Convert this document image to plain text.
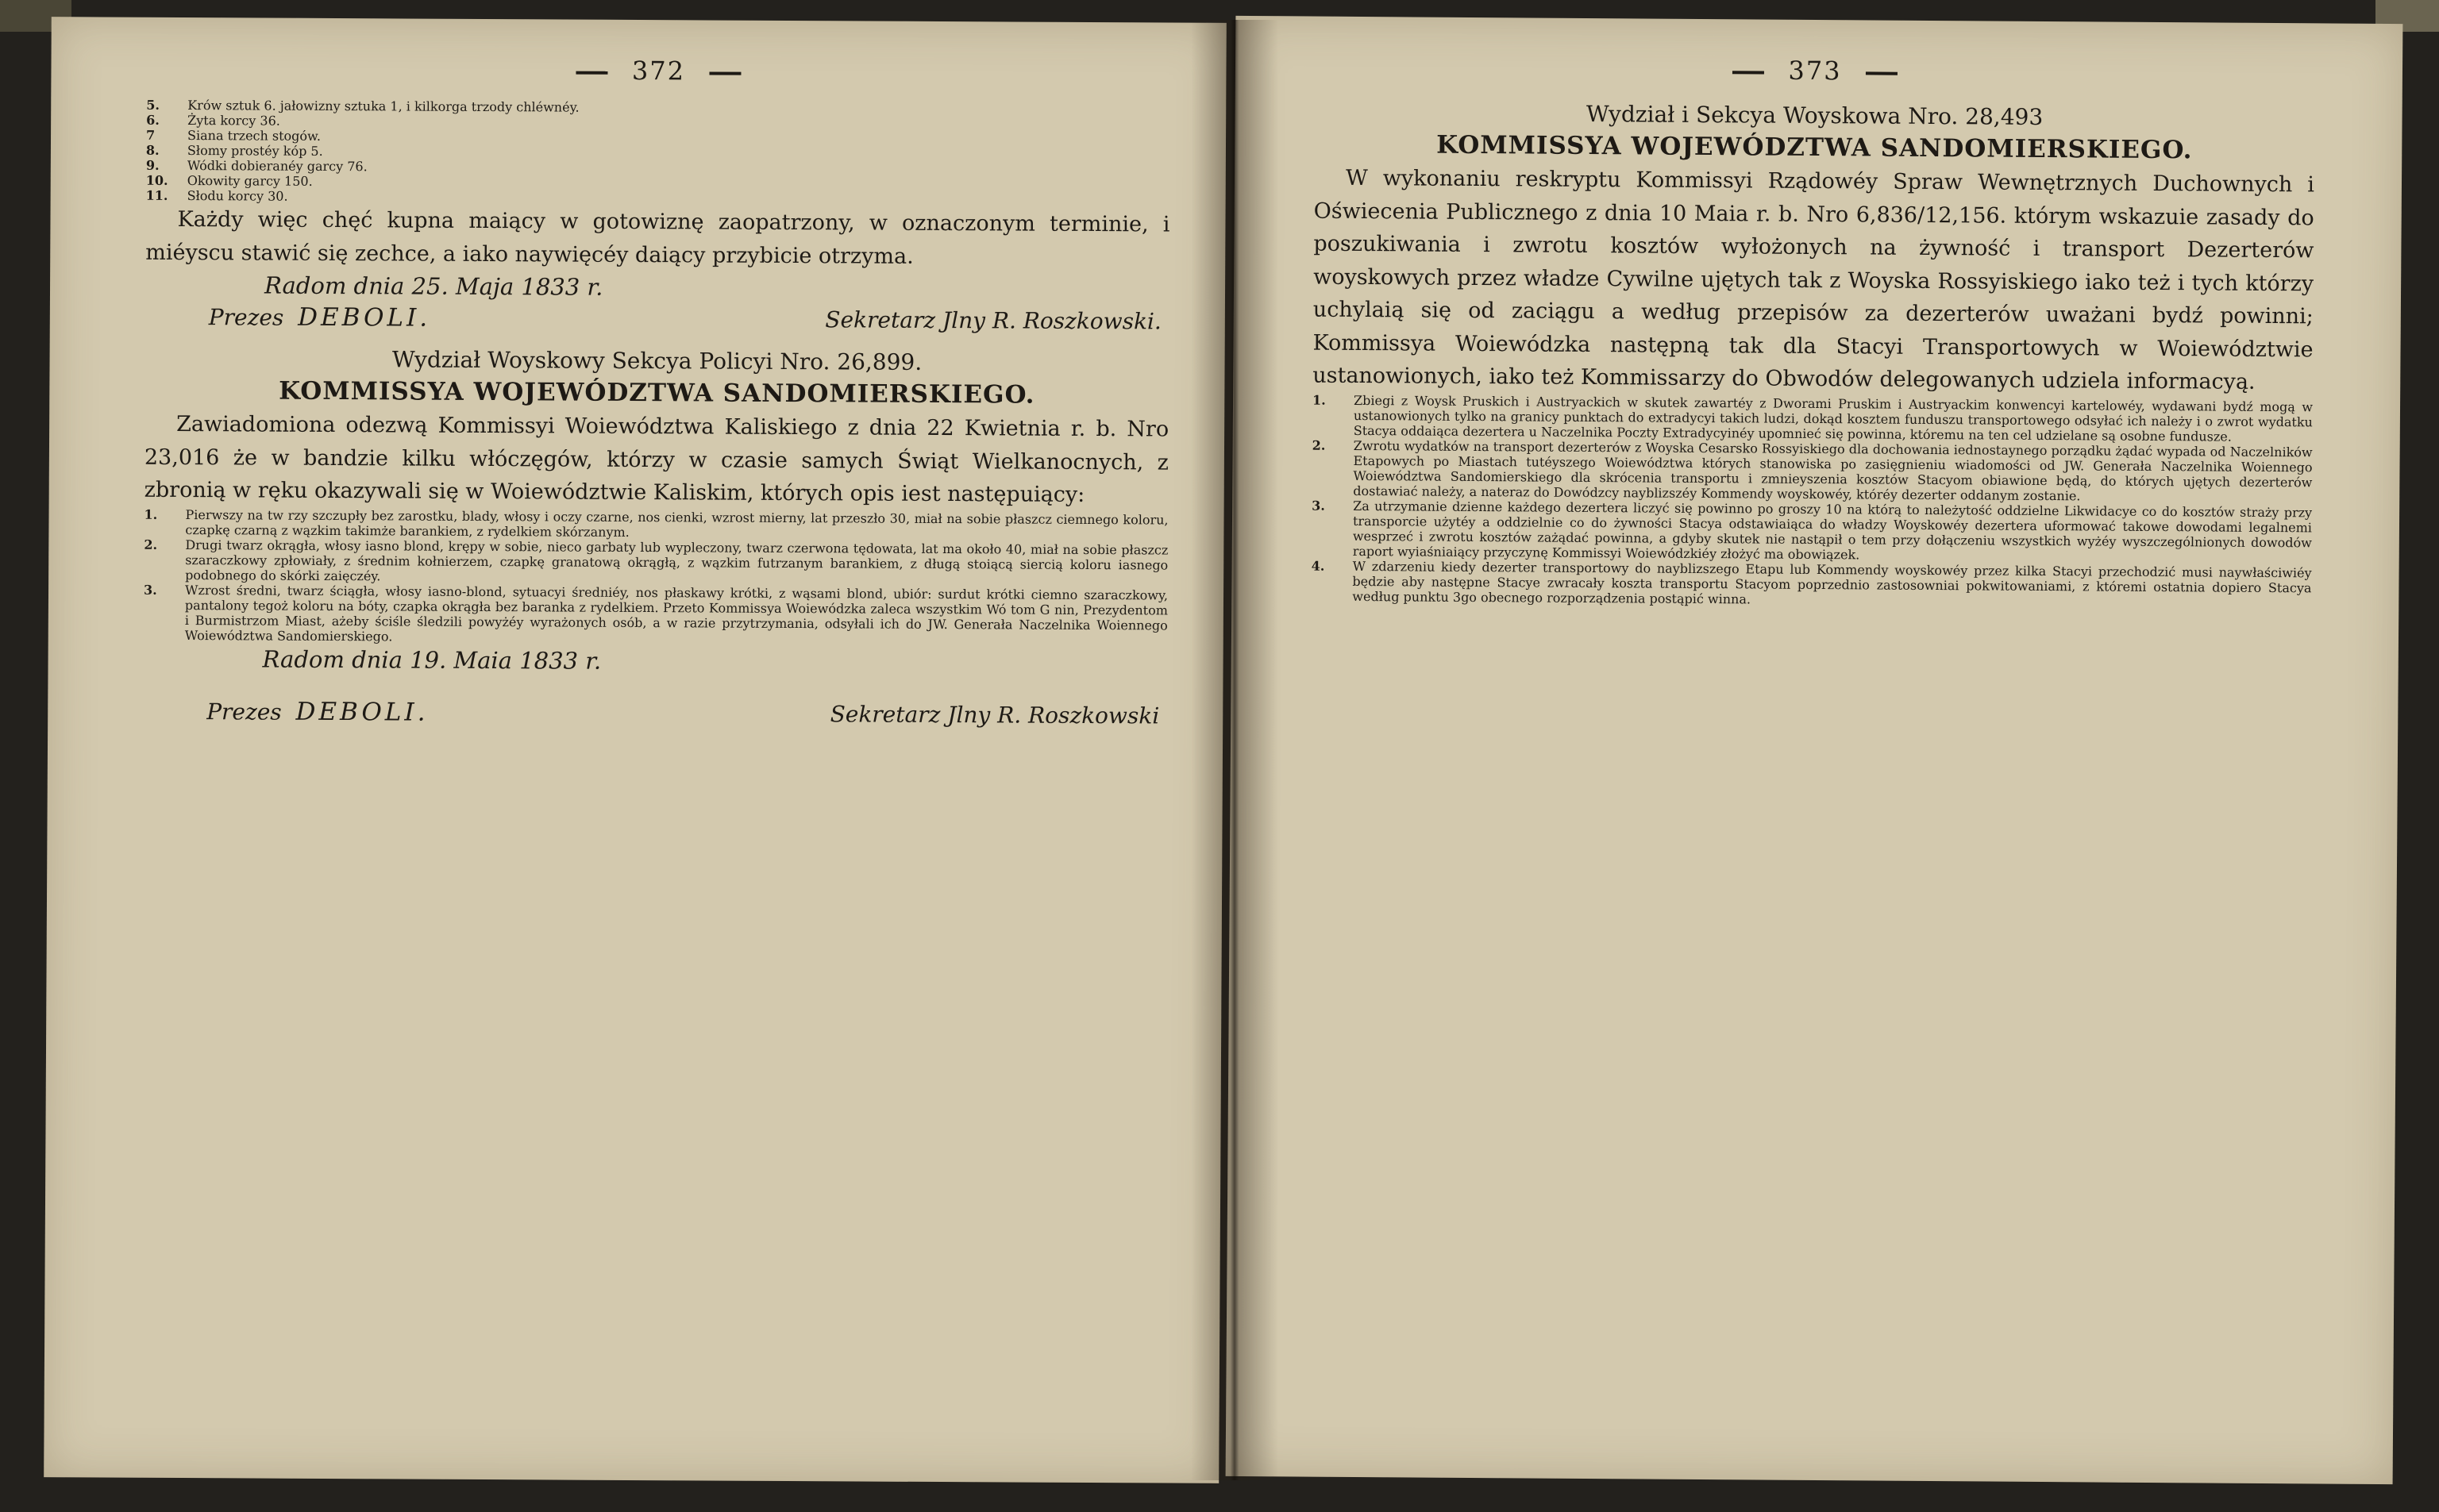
372
5.	Krów sztuk 6. jałowizny sztuka 1, i kilkorga trzody chléwnéy.
6.	Żyta korcy 36.
7	Siana trzech stogów.
8.	Słomy prostéy kóp 5.
9.	Wódki dobieranéy garcy 76.
10.	Okowity garcy 150.
11.	Słodu korcy 30.

Każdy więc chęć kupna maiący w gotowiznę zaopatrzony, w oznaczonym terminie, i miéyscu stawić się zechce, a iako naywięcéy daiący przybicie otrzyma.

Radom dnia 25. Maja 1833 r.
Prezes DEBOLI.	Sekretarz Jlny R. Roszkowski.
Wydział Woyskowy Sekcya Policyi Nro. 26,899.
KOMMISSYA WOJEWÓDZTWA SANDOMIERSKIEGO.

Zawiadomiona odezwą Kommissyi Woiewództwa Kaliskiego z dnia 22 Kwietnia r. b. Nro 23,016 że w bandzie kilku włóczęgów, którzy w czasie samych Świąt Wielkanocnych, z zbronią w ręku okazywali się w Woiewództwie Kaliskim, których opis iest następuiący:

1.	Pierwszy na tw rzy szczupły bez zarostku, blady, włosy i oczy czarne, nos cienki, wzrost mierny, lat przeszło 30, miał na sobie płaszcz ciemnego koloru, czapkę czarną z wązkim takimże barankiem, z rydelkiem skórzanym.
2.	Drugi twarz okrągła, włosy iasno blond, krępy w sobie, nieco garbaty lub wypleczony, twarz czerwona tędowata, lat ma około 40, miał na sobie płaszcz szaraczkowy zpłowiały, z średnim kołnierzem, czapkę granatową okrągłą, z wązkim futrzanym barankiem, z długą stoiącą siercią koloru iasnego podobnego do skórki zaięczéy.
3.	Wzrost średni, twarz ściągła, włosy iasno-blond, sytuacyi średniéy, nos płaskawy krótki, z wąsami blond, ubiór: surdut krótki ciemno szaraczkowy, pantalony tegoż koloru na bóty, czapka okrągła bez baranka z rydelkiem. Przeto Kommissya Woiewódzka zaleca wszystkim Wó tom G nin, Prezydentom i Burmistrzom Miast, ażeby ściśle śledzili powyżéy wyrażonych osób, a w razie przytrzymania, odsyłali ich do JW. Generała Naczelnika Woiennego Woiewództwa Sandomierskiego.
Radom dnia 19. Maia 1833 r.
Prezes DEBOLI.	Sekretarz Jlny R. Roszkowski
373
Wydział i Sekcya Woyskowa Nro. 28,493
KOMMISSYA WOJEWÓDZTWA SANDOMIERSKIEGO.

W wykonaniu reskryptu Kommissyi Rządowéy Spraw Wewnętrznych Duchownych i Oświecenia Publicznego z dnia 10 Maia r. b. Nro 6,836/12,156. którym wskazuie zasady do poszukiwania i zwrotu kosztów wyłożonych na żywność i transport Dezerterów woyskowych przez władze Cywilne ujętych tak z Woyska Rossyiskiego iako też i tych którzy uchylaią się od zaciągu a według przepisów za dezerterów uważani bydź powinni; Kommissya Woiewódzka następną tak dla Stacyi Transportowych w Woiewództwie ustanowionych, iako też Kommissarzy do Obwodów delegowanych udziela informacyą.

1.	Zbiegi z Woysk Pruskich i Austryackich w skutek zawartéy z Dworami Pruskim i Austryackim konwencyi kartelowéy, wydawani bydź mogą w ustanowionych tylko na granicy punktach do extradycyi takich ludzi, dokąd kosztem funduszu transportowego odsyłać ich należy i o zwrot wydatku Stacya oddaiąca dezertera u Naczelnika Poczty Extradycyinéy upomnieć się powinna, któremu na ten cel udzielane są osobne fundusze.
2.	Zwrotu wydatków na transport dezerterów z Woyska Cesarsko Rossyiskiego dla dochowania iednostaynego porządku żądać wypada od Naczelników Etapowych po Miastach tutéyszego Woiewództwa których stanowiska po zasięgnieniu wiadomości od JW. Generała Naczelnika Woiennego Woiewództwa Sandomierskiego dla skrócenia transportu i zmnieyszenia kosztów Stacyom obiawione będą, do których ujętych dezerterów dostawiać należy, a nateraz do Dowódzcy nayblizszéy Kommendy woyskowéy, któréy dezerter oddanym zostanie.
3.	Za utrzymanie dzienne każdego dezertera liczyć się powinno po groszy 10 na którą to należytość oddzielne Likwidacye co do kosztów straży przy transporcie użytéy a oddzielnie co do żywności Stacya odstawiaiąca do władzy Woyskowéy dezertera uformować takowe dowodami legalnemi wesprzeć i zwrotu kosztów zażądać powinna, a gdyby skutek nie nastąpił o tem przy dołączeniu wszystkich wyżéy wyszczególnionych dowodów raport wyiaśniaiący przyczynę Kommissyi Woiewódzkiéy złożyć ma obowiązek.
4.	W zdarzeniu kiedy dezerter transportowy do nayblizszego Etapu lub Kommendy woyskowéy przez kilka Stacyi przechodzić musi naywłaściwiéy będzie aby następne Stacye zwracały koszta transportu Stacyom poprzednio zastosowniai pokwitowaniami, z któremi ostatnia dopiero Stacya według punktu 3go obecnego rozporządzenia postąpić winna.
